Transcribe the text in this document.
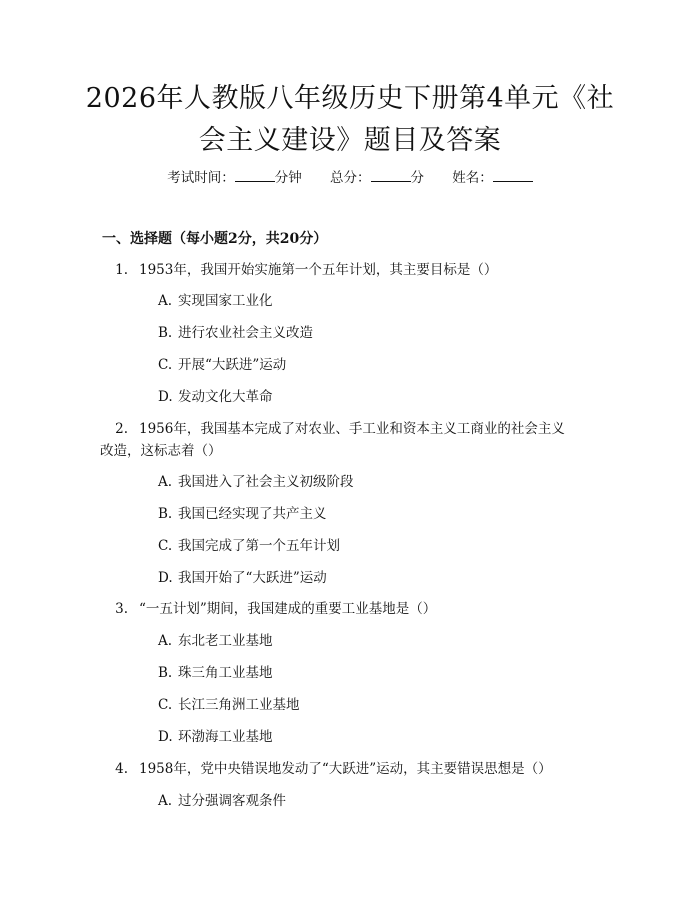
2026年人教版八年级历史下册第4单元《社
会主义建设》题目及答案
考试时间：	分钟 总分：	分 姓名：
一、选择题（每小题2分，共20分）

1. 1953年，我国开始实施第一个五年计划，其主要目标是（）

A. 实现国家工业化

B. 进行农业社会主义改造

C. 开展“大跃进”运动

D. 发动文化大革命

2. 1956年，我国基本完成了对农业、手工业和资本主义工商业的社会主义

改造，这标志着（）

A. 我国进入了社会主义初级阶段

B. 我国已经实现了共产主义

C. 我国完成了第一个五年计划

D. 我国开始了“大跃进”运动

3. “一五计划”期间，我国建成的重要工业基地是（）

A. 东北老工业基地

B. 珠三角工业基地

C. 长江三角洲工业基地

D. 环渤海工业基地

4. 1958年，党中央错误地发动了“大跃进”运动，其主要错误思想是（）

A. 过分强调客观条件
